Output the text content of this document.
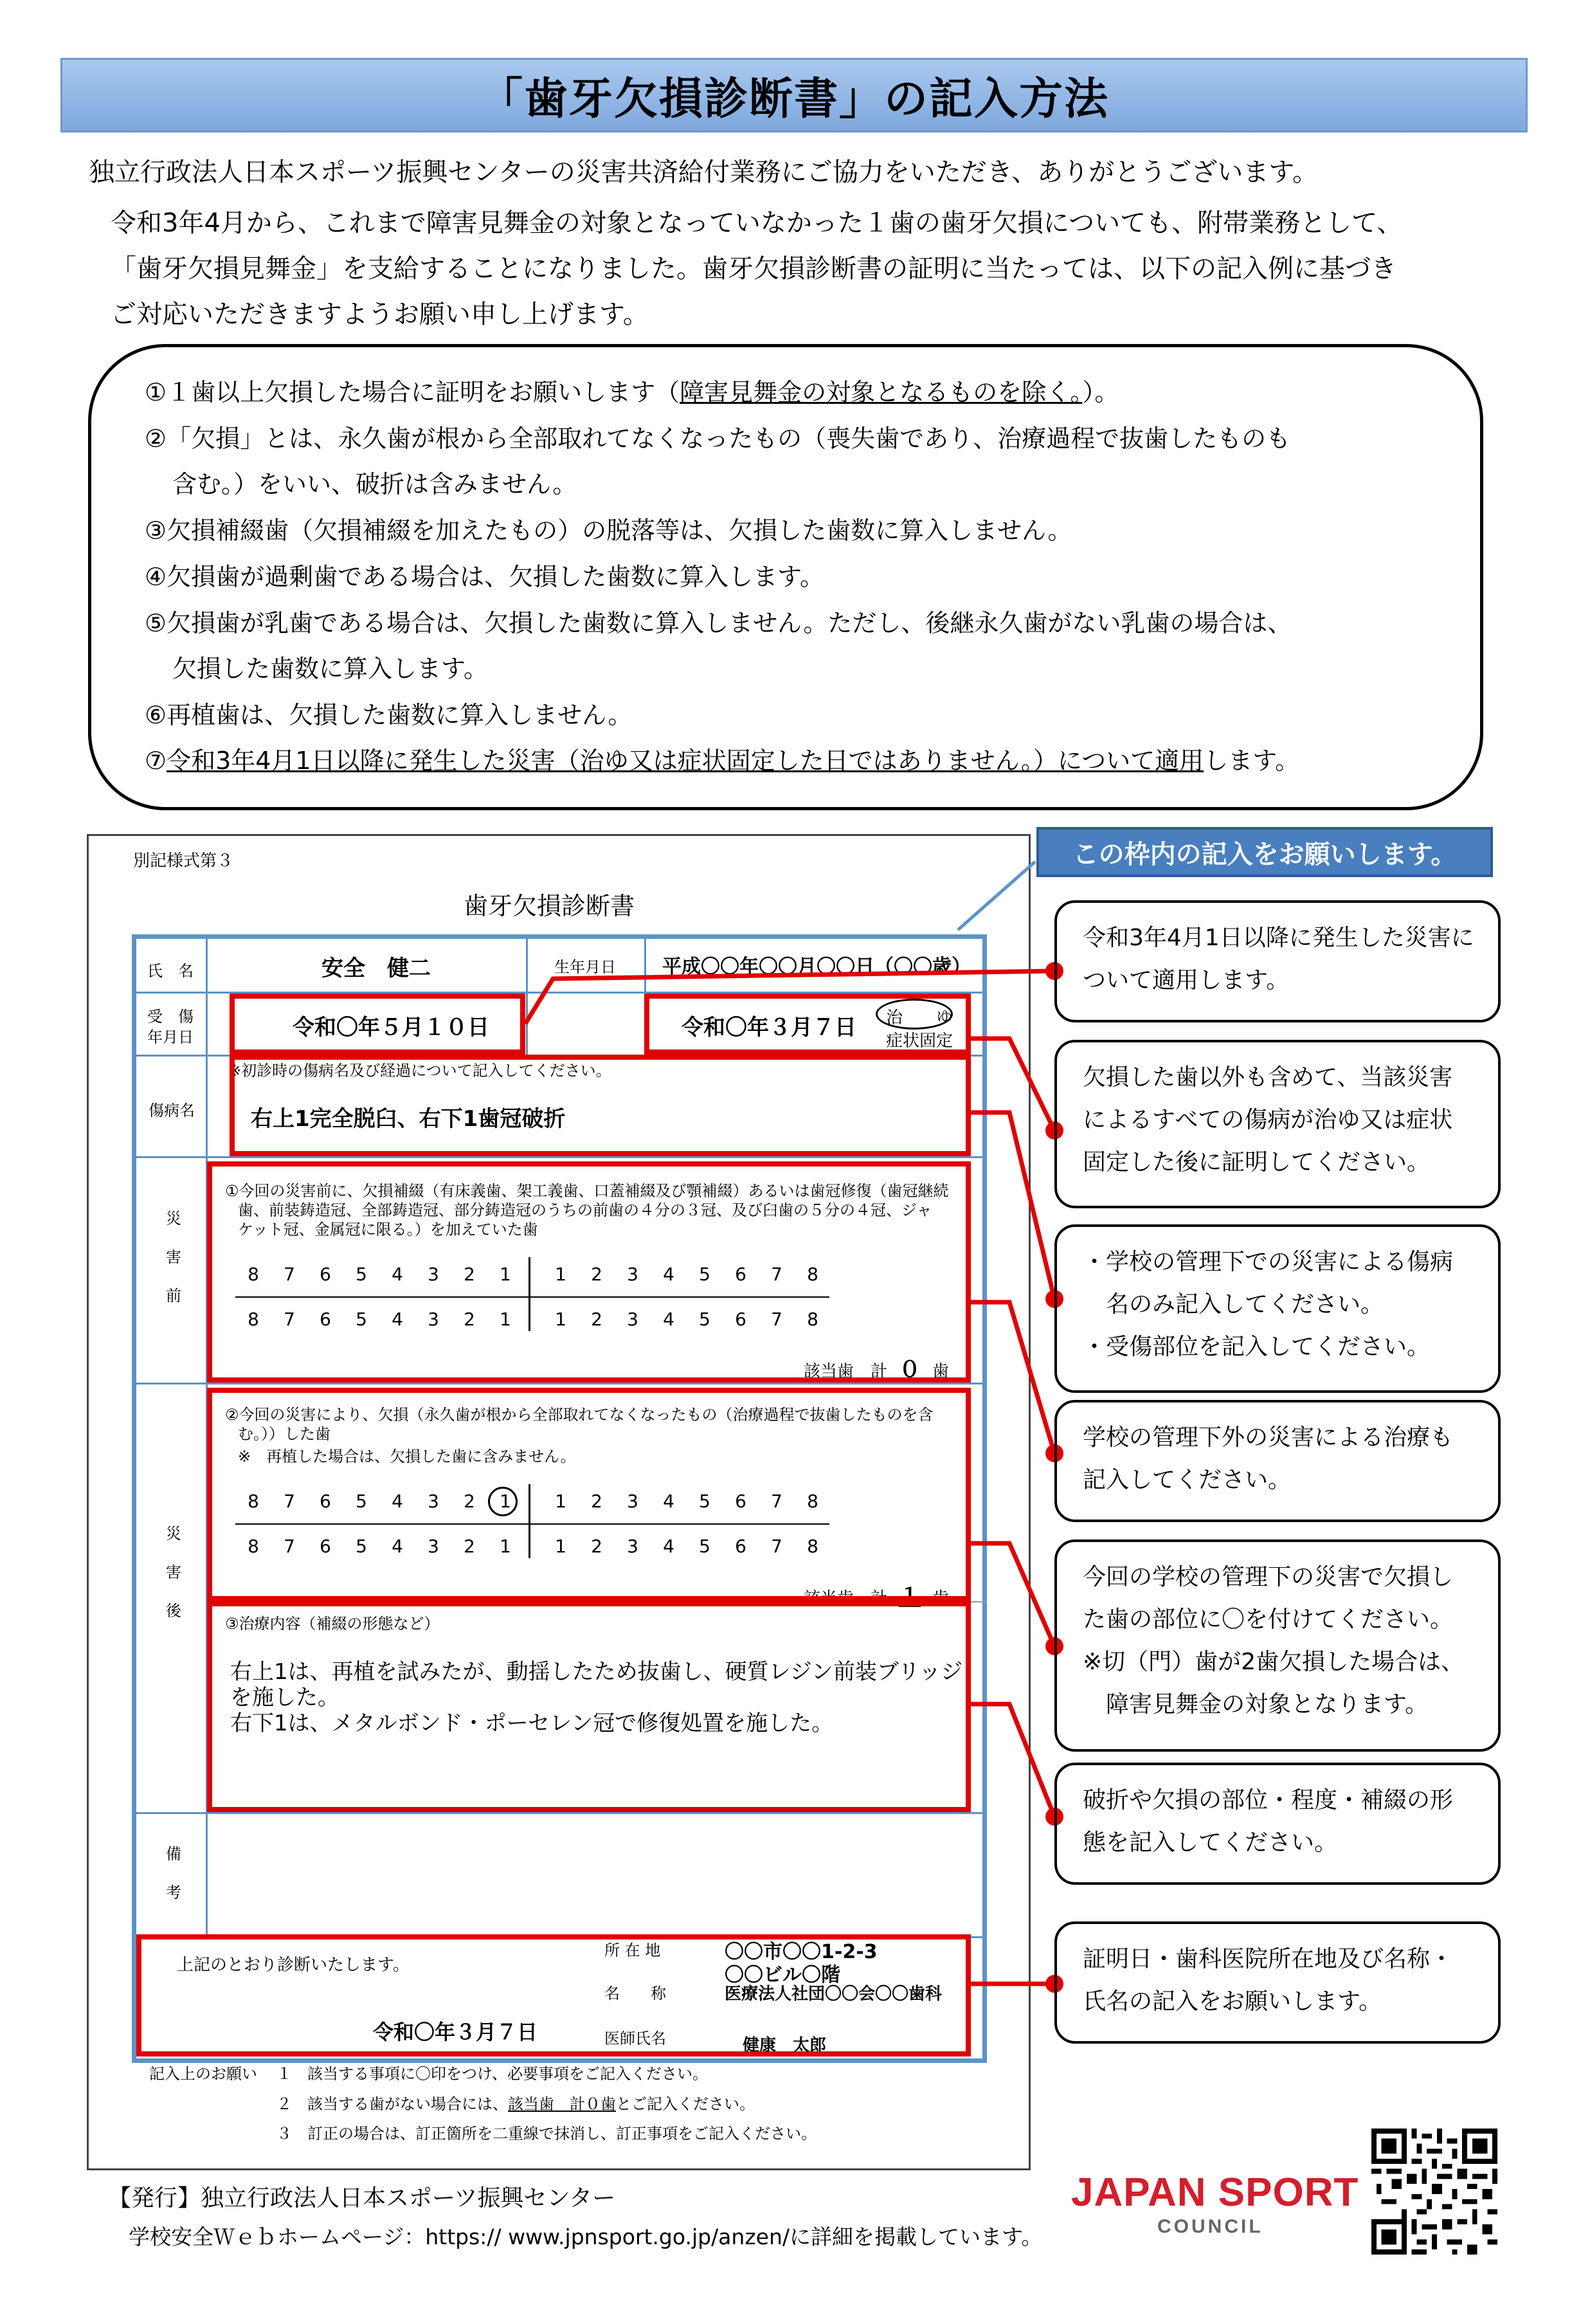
「歯牙欠損診断書」の記入方法
独立行政法人日本スポーツ振興センターの災害共済給付業務にご協力をいただき、ありがとうございます。
令和3年4月から、これまで障害見舞金の対象となっていなかった１歯の歯牙欠損についても、附帯業務として、
「歯牙欠損見舞金」を支給することになりました。歯牙欠損診断書の証明に当たっては、以下の記入例に基づき
ご対応いただきますようお願い申し上げます。
①１歯以上欠損した場合に証明をお願いします（障害見舞金の対象となるものを除く。）。
②「欠損」とは、永久歯が根から全部取れてなくなったもの（喪失歯であり、治療過程で抜歯したものも
含む。）をいい、破折は含みません。
③欠損補綴歯（欠損補綴を加えたもの）の脱落等は、欠損した歯数に算入しません。
④欠損歯が過剰歯である場合は、欠損した歯数に算入します。
⑤欠損歯が乳歯である場合は、欠損した歯数に算入しません。ただし、後継永久歯がない乳歯の場合は、
欠損した歯数に算入します。
⑥再植歯は、欠損した歯数に算入しません。
⑦令和3年4月1日以降に発生した災害（治ゆ又は症状固定した日ではありません。）について適用します。
別記様式第３
歯牙欠損診断書
氏　名	安全　健二	生年月日	平成〇〇年〇〇月〇〇日（〇〇歳）
受　傷
年月日	令和〇年５月１０日	令和〇年３月７日 治　　ゆ
症状固定
傷病名
※初診時の傷病名及び経過について記入してください。
右上1完全脱臼、右下1歯冠破折
災

害

前
①今回の災害前に、欠損補綴（有床義歯、架工義歯、口蓋補綴及び顎補綴）あるいは歯冠修復（歯冠継続
歯、前装鋳造冠、全部鋳造冠、部分鋳造冠のうちの前歯の４分の３冠、及び臼歯の５分の４冠、ジャ
ケット冠、金属冠に限る。）を加えていた歯
8	7	6	5	4	3	2	1	1	2	3	4	5	6	7	8
8	7	6	5	4	3	2	1	1	2	3	4	5	6	7	8
該当歯　計 ０ 歯
災

害

後
②今回の災害により、欠損（永久歯が根から全部取れてなくなったもの（治療過程で抜歯したものを含
む。））した歯
※　再植した場合は、欠損した歯に含みません。
8	7	6	5	4	3	2	1	1	2	3	4	5	6	7	8
8	7	6	5	4	3	2	1	1	2	3	4	5	6	7	8
該当歯　計 １ 歯
③治療内容（補綴の形態など）
右上1は、再植を試みたが、動揺したため抜歯し、硬質レジン前装ブリッジ
を施した。
右下1は、メタルボンド・ポーセレン冠で修復処置を施した。
備

考
上記のとおり診断いたします。
令和〇年３月７日
所 在 地	〇〇市〇〇1-2-3
〇〇ビル〇階
名　　称	医療法人社団〇〇会〇〇歯科
医師氏名	健康　太郎
記入上のお願い １　該当する事項に〇印をつけ、必要事項をご記入ください。
２　該当する歯がない場合には、該当歯　計０歯とご記入ください。
３　訂正の場合は、訂正箇所を二重線で抹消し、訂正事項をご記入ください。
この枠内の記入をお願いします。
令和3年4月1日以降に発生した災害に
ついて適用します。
欠損した歯以外も含めて、当該災害
によるすべての傷病が治ゆ又は症状
固定した後に証明してください。
・学校の管理下での災害による傷病
　名のみ記入してください。
・受傷部位を記入してください。
学校の管理下外の災害による治療も
記入してください。
今回の学校の管理下の災害で欠損し
た歯の部位に〇を付けてください。
※切（門）歯が2歯欠損した場合は、
　障害見舞金の対象となります。
破折や欠損の部位・程度・補綴の形
態を記入してください。
証明日・歯科医院所在地及び名称・
氏名の記入をお願いします。
【発行】独立行政法人日本スポーツ振興センター
学校安全Ｗｅｂホームページ：https:// www.jpnsport.go.jp/anzen/に詳細を掲載しています。
JAPAN SPORT
COUNCIL
